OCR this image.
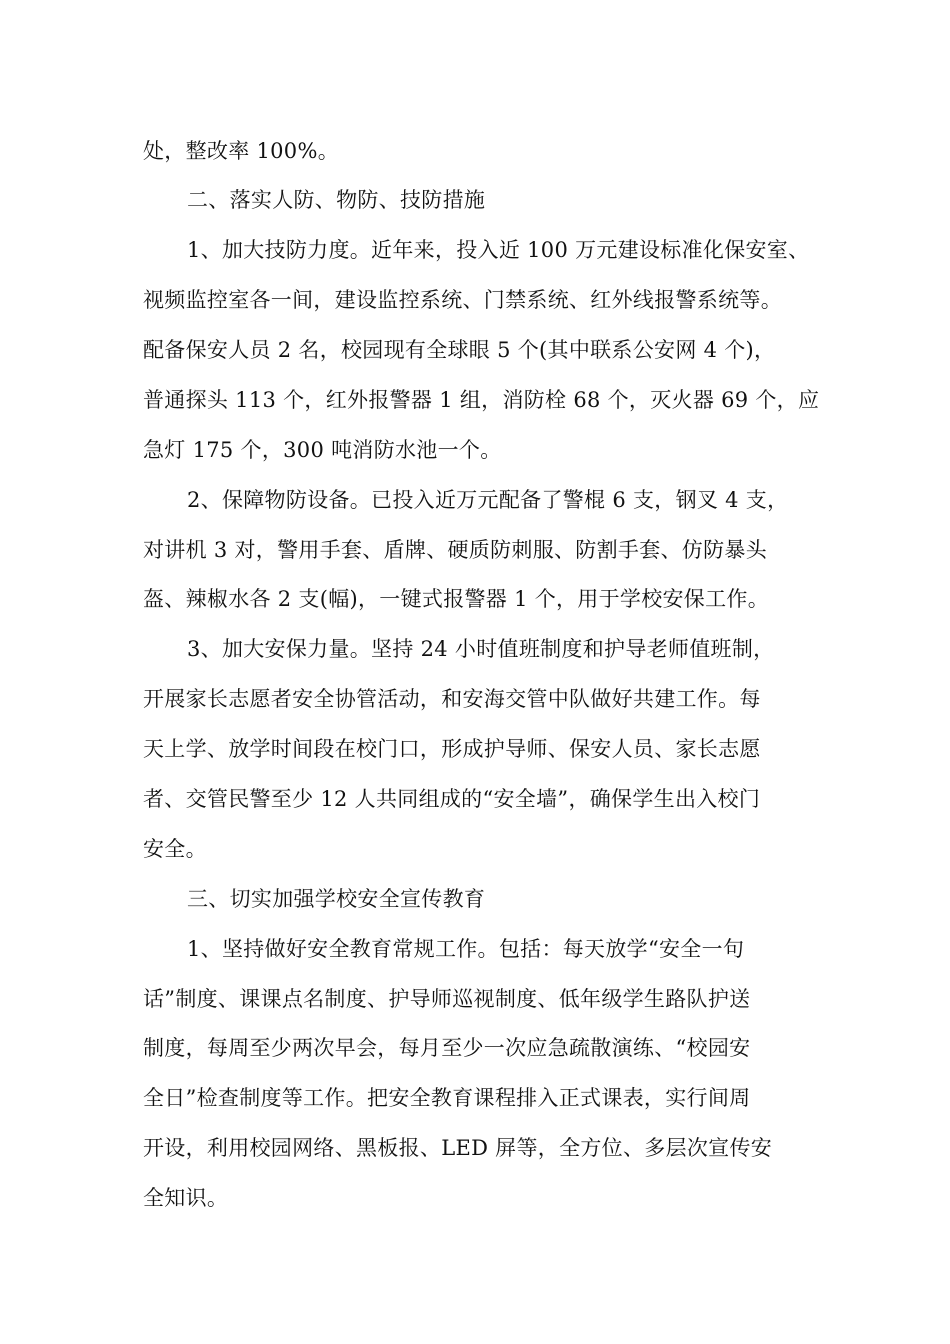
处，整改率 100%。
二、落实人防、物防、技防措施
1、加大技防力度。近年来，投入近 100 万元建设标准化保安室、
视频监控室各一间，建设监控系统、门禁系统、红外线报警系统等。
配备保安人员 2 名，校园现有全球眼 5 个(其中联系公安网 4 个)，
普通探头 113 个，红外报警器 1 组，消防栓 68 个，灭火器 69 个，应
急灯 175 个，300 吨消防水池一个。
2、保障物防设备。已投入近万元配备了警棍 6 支，钢叉 4 支，
对讲机 3 对，警用手套、盾牌、硬质防刺服、防割手套、仿防暴头
盔、辣椒水各 2 支(幅)，一键式报警器 1 个，用于学校安保工作。
3、加大安保力量。坚持 24 小时值班制度和护导老师值班制，
开展家长志愿者安全协管活动，和安海交管中队做好共建工作。每
天上学、放学时间段在校门口，形成护导师、保安人员、家长志愿
者、交管民警至少 12 人共同组成的“安全墙”，确保学生出入校门
安全。
三、切实加强学校安全宣传教育
1、坚持做好安全教育常规工作。包括：每天放学“安全一句
话”制度、课课点名制度、护导师巡视制度、低年级学生路队护送
制度，每周至少两次早会，每月至少一次应急疏散演练、“校园安
全日”检查制度等工作。把安全教育课程排入正式课表，实行间周
开设，利用校园网络、黑板报、LED 屏等，全方位、多层次宣传安
全知识。
